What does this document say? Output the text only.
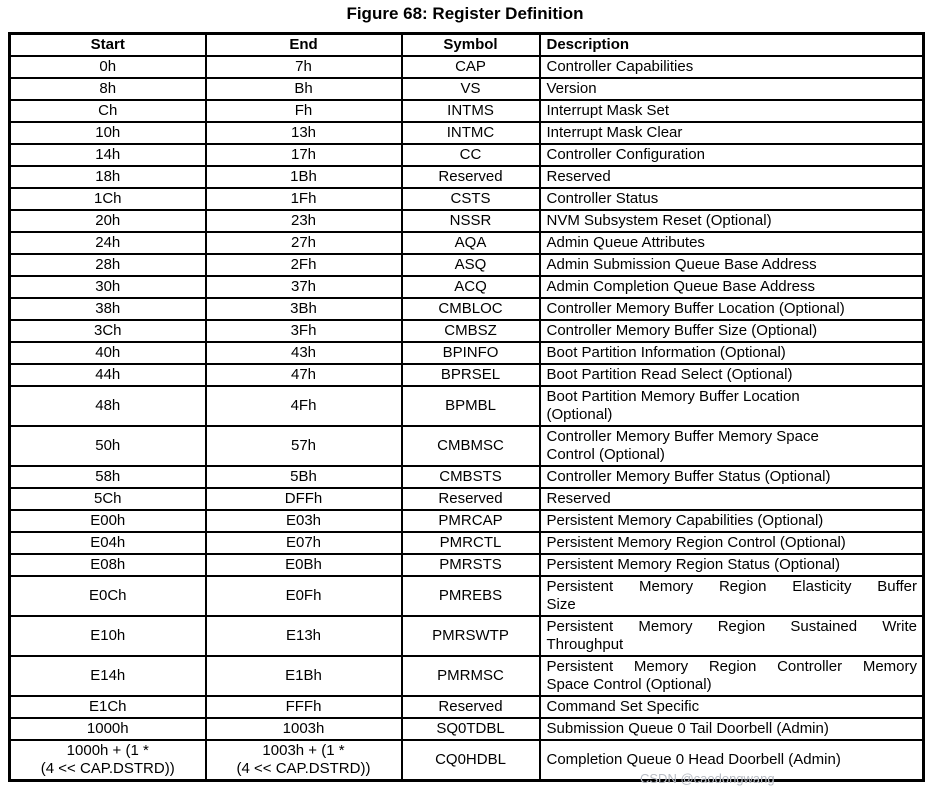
Figure 68: Register Definition
Start	End	Symbol	Description
0h	7h	CAP	Controller Capabilities
8h	Bh	VS	Version
Ch	Fh	INTMS	Interrupt Mask Set
10h	13h	INTMC	Interrupt Mask Clear
14h	17h	CC	Controller Configuration
18h	1Bh	Reserved	Reserved
1Ch	1Fh	CSTS	Controller Status
20h	23h	NSSR	NVM Subsystem Reset (Optional)
24h	27h	AQA	Admin Queue Attributes
28h	2Fh	ASQ	Admin Submission Queue Base Address
30h	37h	ACQ	Admin Completion Queue Base Address
38h	3Bh	CMBLOC	Controller Memory Buffer Location (Optional)
3Ch	3Fh	CMBSZ	Controller Memory Buffer Size (Optional)
40h	43h	BPINFO	Boot Partition Information (Optional)
44h	47h	BPRSEL	Boot Partition Read Select (Optional)
48h	4Fh	BPMBL	Boot Partition Memory Buffer Location
(Optional)
50h	57h	CMBMSC	Controller Memory Buffer Memory Space
Control (Optional)
58h	5Bh	CMBSTS	Controller Memory Buffer Status (Optional)
5Ch	DFFh	Reserved	Reserved
E00h	E03h	PMRCAP	Persistent Memory Capabilities (Optional)
E04h	E07h	PMRCTL	Persistent Memory Region Control (Optional)
E08h	E0Bh	PMRSTS	Persistent Memory Region Status (Optional)
E0Ch	E0Fh	PMREBS	Persistent Memory Region Elasticity BufferSize
E10h	E13h	PMRSWTP	Persistent Memory Region Sustained WriteThroughput
E14h	E1Bh	PMRMSC	Persistent Memory Region Controller MemorySpace Control (Optional)
E1Ch	FFFh	Reserved	Command Set Specific
1000h	1003h	SQ0TDBL	Submission Queue 0 Tail Doorbell (Admin)
1000h + (1 *
(4 << CAP.DSTRD))	1003h + (1 *
(4 << CAP.DSTRD))	CQ0HDBL	Completion Queue 0 Head Doorbell (Admin)
CSDN @caodongwang
